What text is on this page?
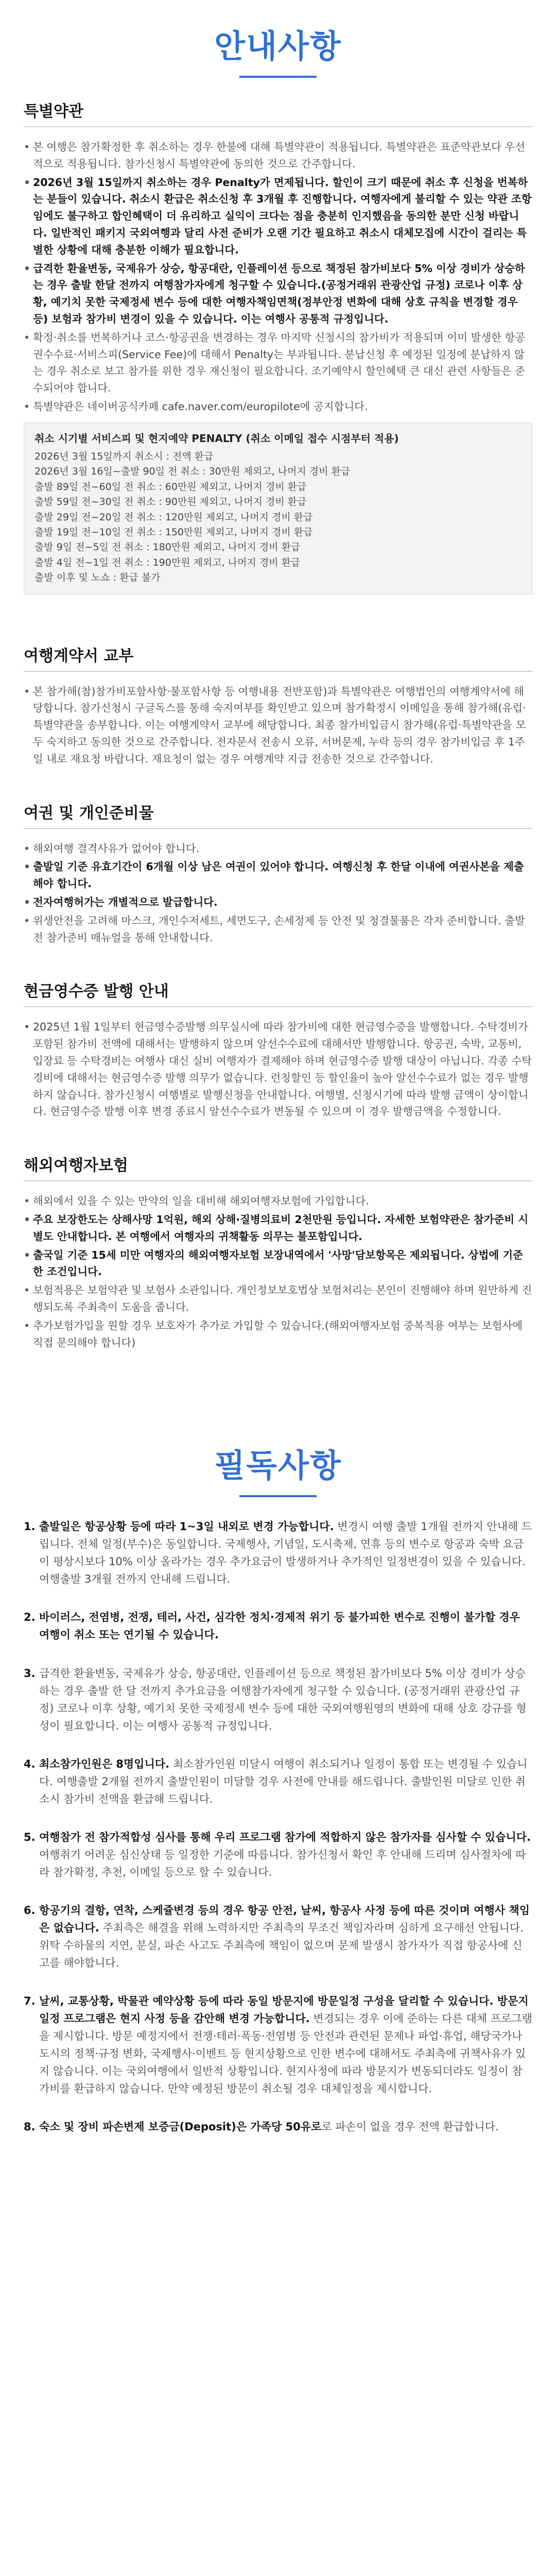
안내사항
특별약관
• 본 여행은 참가확정한 후 취소하는 경우 한불에 대해 특별약관이 적용됩니다. 특별약관은 표준약관보다 우선적으로 적용됩니다. 참가신청시 특별약관에 동의한 것으로 간주합니다.
• 2026년 3월 15일까지 취소하는 경우 Penalty가 면제됩니다. 할인이 크기 때문에 취소 후 신청을 번복하는 분들이 있습니다. 취소시 환급은 취소신청 후 3개월 후 진행합니다. 여행자에게 불리할 수 있는 약관 조항임에도 불구하고 합인혜택이 더 유리하고 실익이 크다는 점을 충분히 인지했음을 동의한 분만 신청 바랍니다. 일반적인 패키지 국외여행과 달리 사전 준비가 오랜 기간 필요하고 취소시 대체모집에 시간이 걸리는 특별한 상황에 대해 충분한 이해가 필요합니다.
• 급격한 환율변동, 국제유가 상승, 항공대란, 인플레이션 등으로 책정된 참가비보다 5% 이상 경비가 상승하는 경우 출발 한달 전까지 여행참가자에게 청구할 수 있습니다.(공정거래위 관광산업 규정) 코로나 이후 상황, 예기치 못한 국제정세 변수 등에 대한 여행자책임면책(정부안정 변화에 대해 상호 규칙을 변경할 경우 등) 보험과 참가비 변경이 있을 수 있습니다. 이는 여행사 공통적 규정입니다.
• 확정·취소를 번복하거나 코스·항공권을 변경하는 경우 마지막 신청시의 참가비가 적용되며 이미 발생한 항공권수수료·서비스피(Service Fee)에 대해서 Penalty는 부과됩니다. 분납신청 후 예정된 일정에 분납하지 않는 경우 취소로 보고 참가를 위한 경우 재신청이 필요합니다. 조기예약시 할인혜택 큰 대신 관련 사항들은 준수되어야 합니다.
• 특별약관은 네이버공식카페 cafe.naver.com/europilote에 공지합니다.
취소 시기별 서비스피 및 현지예약 PENALTY (취소 이메일 접수 시점부터 적용)
2026년 3월 15일까지 취소시 : 전액 환급
2026년 3월 16일~출발 90일 전 취소 : 30만원 제외고, 나머지 경비 환급
출발 89일 전~60일 전 취소 : 60만원 제외고, 나머지 경비 환급
출발 59일 전~30일 전 취소 : 90만원 제외고, 나머지 경비 환급
출발 29일 전~20일 전 취소 : 120만원 제외고, 나머지 경비 환급
출발 19일 전~10일 전 취소 : 150만원 제외고, 나머지 경비 환급
출발 9일 전~5일 전 취소 : 180만원 제외고, 나머지 경비 환급
출발 4일 전~1일 전 취소 : 190만원 제외고, 나머지 경비 환급
출발 이후 및 노쇼 : 환급 불가
여행계약서 교부
• 본 참가해(참)참가비포함사항·불포함사항 등 여행내용 전반포함)과 특별약관은 여행법인의 여행계약서에 해당합니다. 참가신청시 구글독스를 통해 숙지여부를 확인받고 있으며 참가확정시 이메일을 통해 참가해(유럽·특별약관을 송부합니다. 이는 여행계약서 교부에 해당합니다. 최종 참가비입금시 참가해(유럽·특별약관을 모두 숙지하고 동의한 것으로 간주합니다. 전자문서 전송시 오류, 서버문제, 누락 등의 경우 참가비입금 후 1주일 내로 재요청 바랍니다. 재요청이 없는 경우 여행계약 지급 전송한 것으로 간주합니다.
여권 및 개인준비물
• 해외여행 결격사유가 없어야 합니다.
• 출발일 기준 유효기간이 6개월 이상 남은 여권이 있어야 합니다. 여행신청 후 한달 이내에 여권사본을 제출해야 합니다.
• 전자여행허가는 개별적으로 발급합니다.
• 위생안전을 고려해 마스크, 개인수저세트, 세면도구, 손세정제 등 안전 및 청결물품은 각자 준비합니다. 출발 전 참가준비 매뉴얼을 통해 안내합니다.
현금영수증 발행 안내
• 2025년 1월 1일부터 현금영수증발행 의무실시에 따라 참가비에 대한 현금영수증을 발행합니다. 수탁경비가 포함된 참가비 전액에 대해서는 발행하지 않으며 알선수수료에 대해서만 발행합니다. 항공권, 숙박, 교통비, 입장료 등 수탁경비는 여행사 대신 실비 여행자가 결제해야 하며 현금영수증 발행 대상이 아닙니다. 각종 수탁경비에 대해서는 현금영수증 발행 의무가 없습니다. 런칭할인 등 할인율이 높아 알선수수료가 없는 경우 발행하지 않습니다. 참가신청시 여행별로 발행신청을 안내합니다. 여행별, 신청시기에 따라 발행 금액이 상이합니다. 현금영수증 발행 이후 변경 종료시 알선수수료가 변동될 수 있으며 이 경우 발행금액을 수정합니다.
해외여행자보험
• 해외에서 있을 수 있는 만약의 일을 대비해 해외여행자보험에 가입합니다.
• 주요 보장한도는 상해사망 1억원, 해외 상해·질병의료비 2천만원 등입니다. 자세한 보험약관은 참가준비 시 별도 안내합니다. 본 여행에서 여행자의 귀책활동 의무는 불포함입니다.
• 출국일 기준 15세 미만 여행자의 해외여행자보험 보장내역에서 '사망'담보항목은 제외됩니다. 상법에 기준한 조건입니다.
• 보험적용은 보험약관 및 보험사 소관입니다. 개인정보보호법상 보험처리는 본인이 진행해야 하며 원만하게 진행되도록 주최측이 도움을 줍니다.
• 추가보험가입을 원할 경우 보호자가 추가로 가입할 수 있습니다.(해외여행자보험 중복적용 여부는 보험사에 직접 문의해야 합니다)
필독사항
1. 출발일은 항공상황 등에 따라 1~3일 내외로 변경 가능합니다. 변경시 여행 출발 1개월 전까지 안내해 드립니다. 전체 일정(부수)은 동일합니다. 국제행사, 기념일, 도시축제, 연휴 등의 변수로 항공과 숙박 요금이 평상시보다 10% 이상 올라가는 경우 추가요금이 발생하거나 추가적인 일정변경이 있을 수 있습니다. 여행출발 3개월 전까지 안내해 드립니다.
2. 바이러스, 전염병, 전쟁, 테러, 사건, 심각한 정치·경제적 위기 등 불가피한 변수로 진행이 불가할 경우 여행이 취소 또는 연기될 수 있습니다.
3. 급격한 환율변동, 국제유가 상승, 항공대란, 인플레이션 등으로 책정된 참가비보다 5% 이상 경비가 상승하는 경우 출발 한 달 전까지 추가요금을 여행참가자에게 청구할 수 있습니다. (공정거래위 관광산업 규정) 코로나 이후 상황, 예기치 못한 국제정세 변수 등에 대한 국외여행원영의 변화에 대해 상호 강규를 형성이 필요합니다. 이는 여행사 공통적 규정입니다.
4. 최소참가인원은 8명입니다. 최소참가인원 미달시 여행이 취소되거나 일정이 통합 또는 변경될 수 있습니다. 여행출발 2개월 전까지 출발인원이 미달할 경우 사전에 안내를 해드립니다. 출발인원 미달로 인한 취소시 참가비 전액을 환급해 드립니다.
5. 여행참가 전 참가적합성 심사를 통해 우리 프로그램 참가에 적합하지 않은 참가자를 심사할 수 있습니다. 여행취기 어려운 심신상태 등 일정한 기준에 따릅니다. 참가신청서 확인 후 안내해 드리며 심사절차에 따라 참가확정, 추천, 이메일 등으로 할 수 있습니다.
6. 항공기의 결항, 연착, 스케쥴변경 등의 경우 항공 안전, 날씨, 항공사 사정 등에 따른 것이며 여행사 책임은 없습니다. 주최측은 해결을 위해 노력하지만 주최측의 무조건 책임자라며 심하게 요구해선 안됩니다. 위탁 수하물의 지연, 분실, 파손 사고도 주최측에 책임이 없으며 문제 발생시 참가자가 직접 항공사에 신고를 해야합니다.
7. 날씨, 교통상황, 박물관 예약상황 등에 따라 동일 방문지에 방문일정 구성을 달리할 수 있습니다. 방문지 일정 프로그램은 현지 사정 등을 감안해 변경 가능합니다. 변경되는 경우 이에 준하는 다른 대체 프로그램을 제시합니다. 방문 예정지에서 전쟁·테러·폭동·전염병 등 안전과 관련된 문제나 파업·휴업, 해당국가나 도시의 정책·규정 변화, 국제행사·이벤트 등 현지상황으로 인한 변수에 대해서도 주최측에 귀책사유가 있지 않습니다. 이는 국외여행에서 일반적 상황입니다. 현지사정에 따라 방문지가 변동되더라도 일정이 참가비를 환급하지 않습니다. 만약 예정된 방문이 취소될 경우 대체일정을 제시합니다.
8. 숙소 및 장비 파손변제 보증금(Deposit)은 가족당 50유로로 파손이 없을 경우 전액 환급합니다.
